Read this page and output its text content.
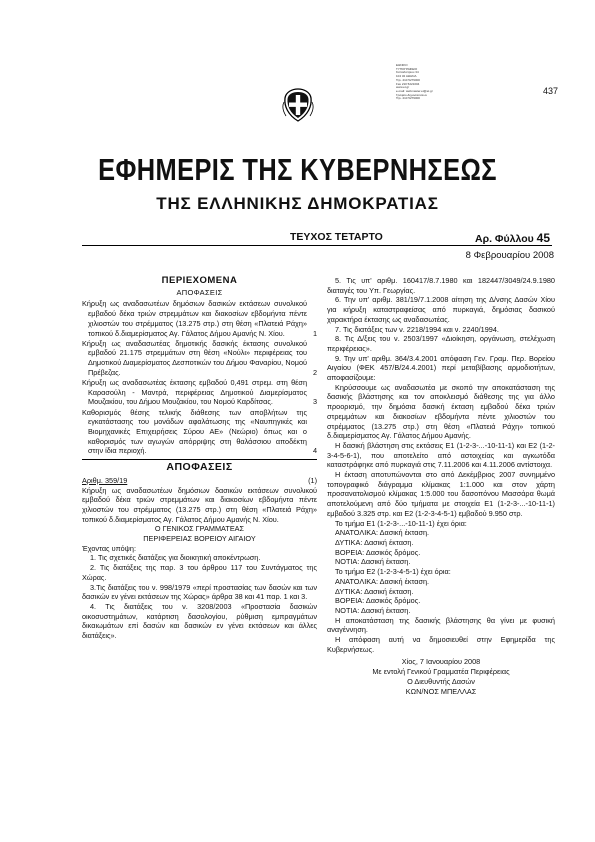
ΕΘΝΙΚΟ
ΤΥΠΟΓΡΑΦΕΙΟ
Καποδιστρίου 34
104 32 ΑΘΗΝΑ
Τηλ. 210 5279000
Fax 210 5221004
www.et.gr
e-mail: webmaster.et@et.gr
Γραφείο Δημοσιεύσεων
Τηλ. 210 5279000
437
ΕΦΗΜΕΡΙΣ ΤΗΣ ΚΥΒΕΡΝΗΣΕΩΣ
ΤΗΣ ΕΛΛΗΝΙΚΗΣ ΔΗΜΟΚΡΑΤΙΑΣ
ΤΕΥΧΟΣ ΤΕΤΑΡΤΟ	Αρ. Φύλλου 45
8 Φεβρουαρίου 2008
ΠΕΡΙΕΧΟΜΕΝΑ
ΑΠΟΦΑΣΕΙΣ
Κήρυξη ως αναδασωτέων δημόσιων δασικών εκτάσεων συνολικού εμβαδού δέκα τριών στρεμμάτων και διακοσίων εβδομήντα πέντε χιλιοστών του στρέμματος (13.275 στρ.) στη θέση «Πλατειά Ράχη» τοπικού δ.διαμερίσματος Αγ. Γάλατος Δήμου Αμανής Ν. Χίου.	1
Κήρυξη ως αναδασωτέας δημοτικής δασικής έκτασης συνολικού εμβαδού 21.175 στρεμμάτων στη θέση «Νούλι» περιφέρειας του Δημοτικού Διαμερίσματος Δεσποτικών του Δήμου Φαναρίου, Νομού Πρέβεζας.	2
Κήρυξη ως αναδασωτέας έκτασης εμβαδού 0,491 στρεμ. στη θέση Καρασούλη - Μαντρά, περιφέρειας Δημοτικού Διαμερίσματος Μουζακίου, του Δήμου Μουζακίου, του Νομού Καρδίτσας.	3
Καθορισμός θέσης τελικής διάθεσης των αποβλήτων της εγκατάστασης του μονάδων αφαλάτωσης της «Ναυπηγικές και Βιομηχανικές Επιχειρήσεις Σύρου ΑΕ» (Νεώριο) όπως και ο καθορισμός των αγωγών απόρριψης στη θαλάσσιου αποδέκτη στην ίδια περιοχή.	4
ΑΠΟΦΑΣΕΙΣ
Αριθμ. 359/19	(1)
Κήρυξη ως αναδασωτέων δημόσιων δασικών εκτάσεων συνολικού εμβαδού δέκα τριών στρεμμάτων και διακοσίων εβδομήντα πέντε χιλιοστών του στρέμματος (13.275 στρ.) στη θέση «Πλατειά Ράχη» τοπικού δ.διαμερίσματος Αγ. Γάλατος Δήμου Αμανής Ν. Χίου.
Ο ΓΕΝΙΚΟΣ ΓΡΑΜΜΑΤΕΑΣ
ΠΕΡΙΦΕΡΕΙΑΣ ΒΟΡΕΙΟΥ ΑΙΓΑΙΟΥ
Έχοντας υπόψη:
1. Τις σχετικές διατάξεις για διοικητική αποκέντρωση.
2. Τις διατάξεις της παρ. 3 του άρθρου 117 του Συντάγματος της Χώρας.
3.Τις διατάξεις του ν. 998/1979 «περί προστασίας των δασών και των δασικών εν γένει εκτάσεων της Χώρας» άρθρα 38 και 41 παρ. 1 και 3.
4. Τις διατάξεις του ν. 3208/2003 «Προστασία δασικών οικοσυστημάτων, κατάρτιση δασολογίου, ρύθμιση εμπραγμάτων δικαιωμάτων επί δασών και δασικών εν γένει εκτάσεων και άλλες διατάξεις».
5. Τις υπ' αριθμ. 160417/8.7.1980 και 182447/3049/24.9.1980 διαταγές του Υπ. Γεωργίας.
6. Την υπ' αριθμ. 381/19/7.1.2008 αίτηση της Δ/νσης Δασών Χίου για κήρυξη καταστραφείσας από πυρκαγιά, δημόσιας δασικού χαρακτήρα έκτασης ως αναδασωτέας.
7. Τις διατάξεις των ν. 2218/1994 και ν. 2240/1994.
8. Τις Δ/ξεις του ν. 2503/1997 «Διοίκηση, οργάνωση, στελέχωση περιφέρειας».
9. Την υπ' αριθμ. 364/3.4.2001 απόφαση Γεν. Γραμ. Περ. Βορείου Αιγαίου (ΦΕΚ 457/Β/24.4.2001) περί μεταβίβασης αρμοδιοτήτων, αποφασίζουμε:
Κηρύσσουμε ως αναδασωτέα με σκοπό την αποκατάσταση της δασικής βλάστησης και τον αποκλεισμό διάθεσης της για άλλο προορισμό, την δημόσια δασική έκταση εμβαδού δέκα τριών στρεμμάτων και διακοσίων εβδομήντα πέντε χιλιοστών του στρέμματος (13.275 στρ.) στη θέση «Πλατειά Ράχη» τοπικού δ.διαμερίσματος Αγ. Γάλατος Δήμου Αμανής.
Η δασική βλάστηση στις εκτάσεις Ε1 (1-2-3-...-10-11-1) και Ε2 (1-2-3-4-5-6-1), που αποτελείτο από αστοιχείας και αγκωτόδα καταστράφηκε από πυρκαγιά στις 7.11.2006 και 4.11.2006 αντίστοιχα.
Η έκταση αποτυπώνονται στο από Δεκέμβριος 2007 συνημμένο τοπογραφικό διάγραμμα κλίμακας 1:1.000 και στον χάρτη προσανατολισμού κλίμακας 1:5.000 του δασοπόνου Μασσάρα θωμά αποτελούμενη από δύο τμήματα με στοιχεία Ε1 (1-2-3-...-10-11-1) εμβαδού 3.325 στρ. και Ε2 (1-2-3-4-5-1) εμβαδού 9.950 στρ.
Το τμήμα Ε1 (1-2-3-...-10-11-1) έχει όρια:
ΑΝΑΤΟΛΙΚΑ: Δασική έκταση.
ΔΥΤΙΚΑ: Δασική έκταση.
ΒΟΡΕΙΑ: Δασικός δρόμος.
ΝΟΤΙΑ: Δασική έκταση.
Το τμήμα Ε2 (1-2-3-4-5-1) έχει όρια:
ΑΝΑΤΟΛΙΚΑ: Δασική έκταση.
ΔΥΤΙΚΑ: Δασική έκταση.
ΒΟΡΕΙΑ: Δασικός δρόμος.
ΝΟΤΙΑ: Δασική έκταση.
Η αποκατάσταση της δασικής βλάστησης θα γίνει με φυσική αναγέννηση.
Η απόφαση αυτή να δημοσιευθεί στην Εφημερίδα της Κυβερνήσεως.
Χίος, 7 Ιανουαρίου 2008
Με εντολή Γενικού Γραμματέα Περιφέρειας
Ο Διευθυντής Δασών
ΚΩΝ/ΝΟΣ ΜΠΕΛΛΑΣ
